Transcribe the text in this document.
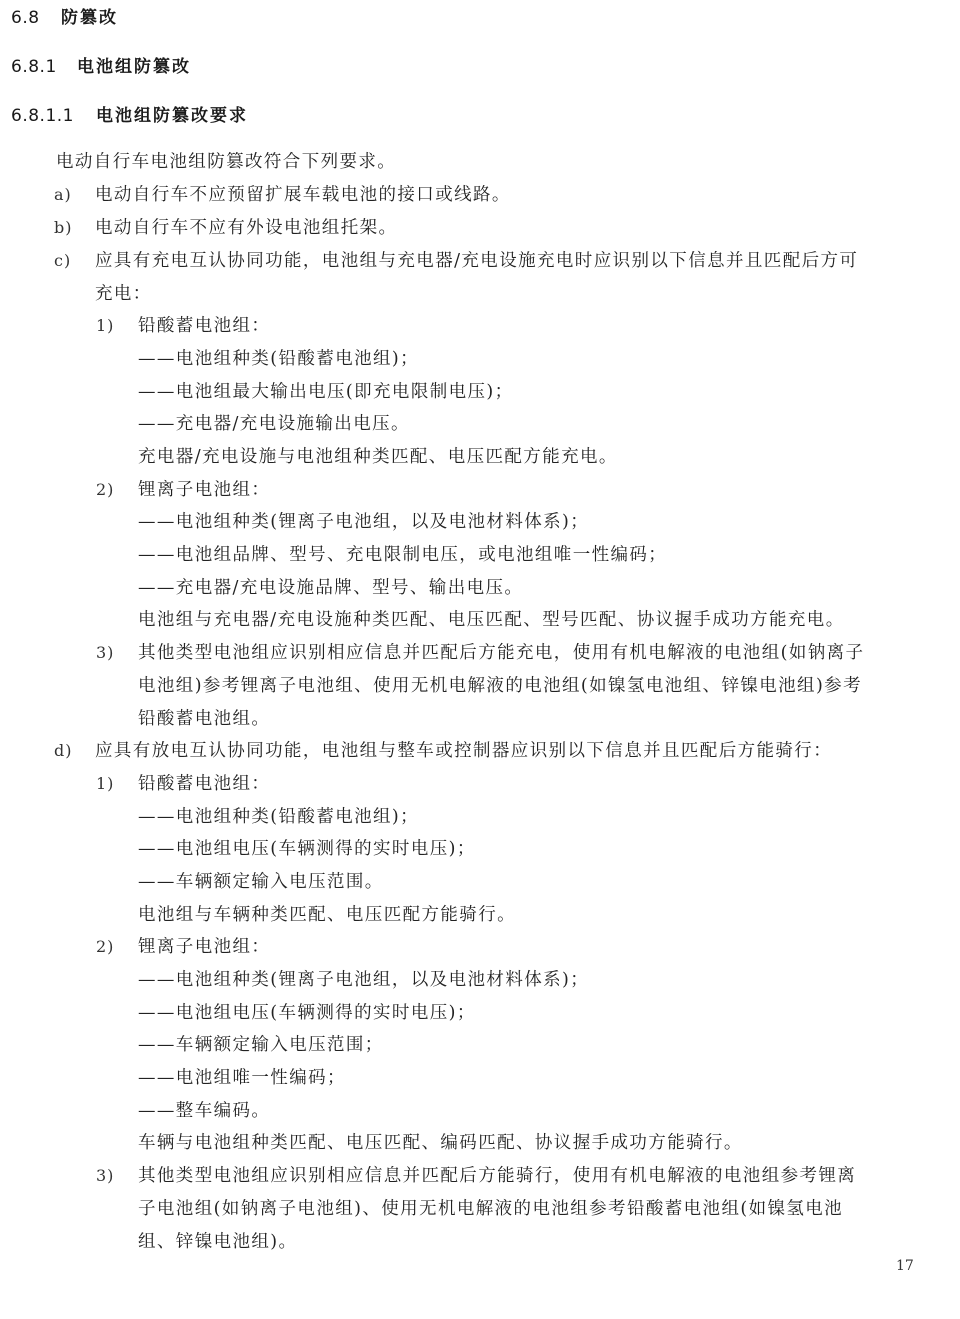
6.8 防篡改
6.8.1 电池组防篡改
6.8.1.1 电池组防篡改要求
电动自行车电池组防篡改符合下列要求。
a) 电动自行车不应预留扩展车载电池的接口或线路。
b) 电动自行车不应有外设电池组托架。
c) 应具有充电互认协同功能，电池组与充电器/充电设施充电时应识别以下信息并且匹配后方可
充电：
1) 铅酸蓄电池组：
——电池组种类(铅酸蓄电池组)；
——电池组最大输出电压(即充电限制电压)；
——充电器/充电设施输出电压。
充电器/充电设施与电池组种类匹配、电压匹配方能充电。
2) 锂离子电池组：
——电池组种类(锂离子电池组，以及电池材料体系)；
——电池组品牌、型号、充电限制电压，或电池组唯一性编码；
——充电器/充电设施品牌、型号、输出电压。
电池组与充电器/充电设施种类匹配、电压匹配、型号匹配、协议握手成功方能充电。
3) 其他类型电池组应识别相应信息并匹配后方能充电，使用有机电解液的电池组(如钠离子
电池组)参考锂离子电池组、使用无机电解液的电池组(如镍氢电池组、锌镍电池组)参考
铅酸蓄电池组。
d) 应具有放电互认协同功能，电池组与整车或控制器应识别以下信息并且匹配后方能骑行：
1) 铅酸蓄电池组：
——电池组种类(铅酸蓄电池组)；
——电池组电压(车辆测得的实时电压)；
——车辆额定输入电压范围。
电池组与车辆种类匹配、电压匹配方能骑行。
2) 锂离子电池组：
——电池组种类(锂离子电池组，以及电池材料体系)；
——电池组电压(车辆测得的实时电压)；
——车辆额定输入电压范围；
——电池组唯一性编码；
——整车编码。
车辆与电池组种类匹配、电压匹配、编码匹配、协议握手成功方能骑行。
3) 其他类型电池组应识别相应信息并匹配后方能骑行，使用有机电解液的电池组参考锂离
子电池组(如钠离子电池组)、使用无机电解液的电池组参考铅酸蓄电池组(如镍氢电池
组、锌镍电池组)。
17
